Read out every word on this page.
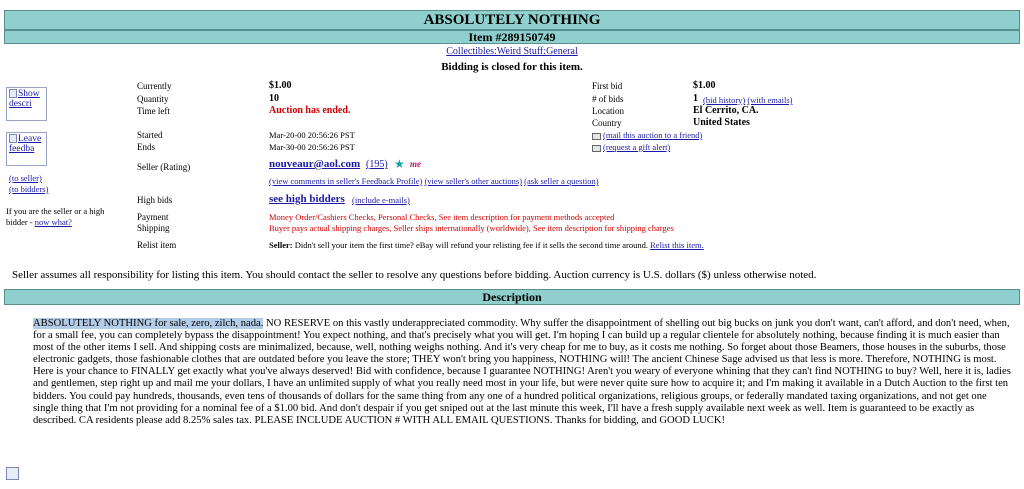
ABSOLUTELY NOTHING
Item #289150749
Collectibles:Weird Stuff:General
Bidding is closed for this item.
Show descri
Leave feedba
(to seller)
(to bidders)
If you are the seller or a high bidder - now what?
Currently	$1.00
Quantity	10
Time left	Auction has ended.
Started	Mar-20-00 20:56:26 PST
Ends	Mar-30-00 20:56:26 PST
Seller (Rating)	nouveaur@aol.com (195) ★ me
(view comments in seller's Feedback Profile) (view seller's other auctions) (ask seller a question)
High bids	see high bidders (include e-mails)
Payment	Money Order/Cashiers Checks, Personal Checks, See item description for payment methods accepted
Shipping	Buyer pays actual shipping charges, Seller ships internationally (worldwide), See item description for shipping charges
Relist item	Seller: Didn't sell your item the first time? eBay will refund your relisting fee if it sells the second time around. Relist this item.
First bid	$1.00
# of bids	1 (bid history) (with emails)
Location	El Cerrito, CA.
Country	United States
(mail this auction to a friend)
(request a gift alert)
Seller assumes all responsibility for listing this item. You should contact the seller to resolve any questions before bidding. Auction currency is U.S. dollars ($) unless otherwise noted.
Description
ABSOLUTELY NOTHING for sale, zero, zilch, nada. NO RESERVE on this vastly underappreciated commodity. Why suffer the disappointment of shelling out big bucks on junk you don't want, can't afford, and don't need, when, for a small fee, you can completely bypass the disappointment! You expect nothing, and that's precisely what you will get. I'm hoping I can build up a regular clientele for absolutely nothing, because finding it is much easier than most of the other items I sell. And shipping costs are minimalized, because, well, nothing weighs nothing. And it's very cheap for me to buy, as it costs me nothing. So forget about those Beamers, those houses in the suburbs, those electronic gadgets, those fashionable clothes that are outdated before you leave the store; THEY won't bring you happiness, NOTHING will! The ancient Chinese Sage advised us that less is more. Therefore, NOTHING is most. Here is your chance to FINALLY get exactly what you've always deserved! Bid with confidence, because I guarantee NOTHING! Aren't you weary of everyone whining that they can't find NOTHING to buy? Well, here it is, ladies and gentlemen, step right up and mail me your dollars, I have an unlimited supply of what you really need most in your life, but were never quite sure how to acquire it; and I'm making it available in a Dutch Auction to the first ten bidders. You could pay hundreds, thousands, even tens of thousands of dollars for the same thing from any one of a hundred political organizations, religious groups, or federally mandated taxing organizations, and not get one single thing that I'm not providing for a nominal fee of a $1.00 bid. And don't despair if you get sniped out at the last minute this week, I'll have a fresh supply available next week as well. Item is guaranteed to be exactly as described. CA residents please add 8.25% sales tax. PLEASE INCLUDE AUCTION # WITH ALL EMAIL QUESTIONS. Thanks for bidding, and GOOD LUCK!
